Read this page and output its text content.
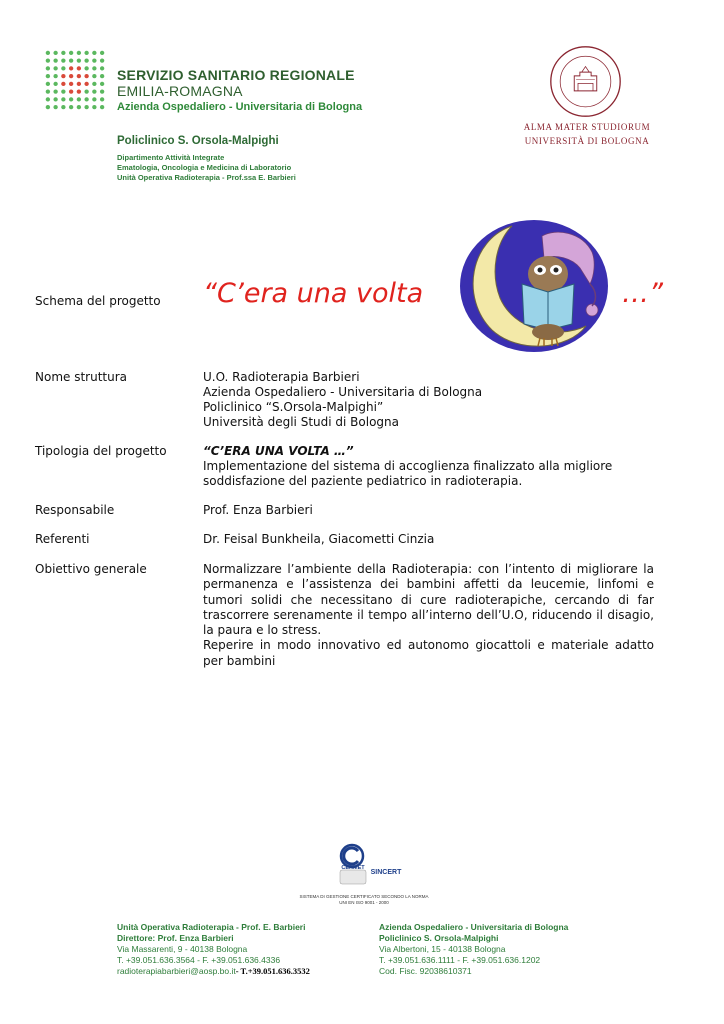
SERVIZIO SANITARIO REGIONALE
EMILIA-ROMAGNA
Azienda Ospedaliero - Universitaria di Bologna
Policlinico S. Orsola-Malpighi
Dipartimento Attività Integrate
Ematologia, Oncologia e Medicina di Laboratorio
Unità Operativa Radioterapia - Prof.ssa E. Barbieri
ALMA MATER STUDIORUM
UNIVERSITÀ DI BOLOGNA
Schema del progetto “C’era una volta	…”
Nome struttura	U.O. Radioterapia Barbieri
Azienda Ospedaliero - Universitaria di Bologna
Policlinico “S.Orsola-Malpighi”
Università degli Studi di Bologna
Tipologia del progetto	“C’ERA UNA VOLTA …”
Implementazione del sistema di accoglienza finalizzato alla migliore
soddisfazione del paziente pediatrico in radioterapia.
Responsabile	Prof. Enza Barbieri
Referenti	Dr. Feisal Bunkheila, Giacometti Cinzia
Obiettivo generale	Normalizzare l’ambiente della Radioterapia: con l’intento di migliorare la permanenza e l’assistenza dei bambini affetti da leucemie, linfomi e tumori solidi che necessitano di cure radioterapiche, cercando di far trascorrere serenamente il tempo all’interno dell’U.O, riducendo il disagio, la paura e lo stress.
Reperire in modo innovativo ed autonomo giocattoli e materiale adatto per bambini
CERMET
SINCERT
SISTEMA DI GESTIONE CERTIFICATO SECONDO LA NORMA
UNI EN ISO 9001 - 2000
Unità Operativa Radioterapia - Prof. E. Barbieri
Direttore: Prof. Enza Barbieri
Via Massarenti, 9 - 40138 Bologna
T. +39.051.636.3564 - F. +39.051.636.4336
radioterapiabarbieri@aosp.bo.it- T.+39.051.636.3532
Azienda Ospedaliero - Universitaria di Bologna
Policlinico S. Orsola-Malpighi
Via Albertoni, 15 - 40138 Bologna
T. +39.051.636.1111 - F. +39.051.636.1202
Cod. Fisc. 92038610371
